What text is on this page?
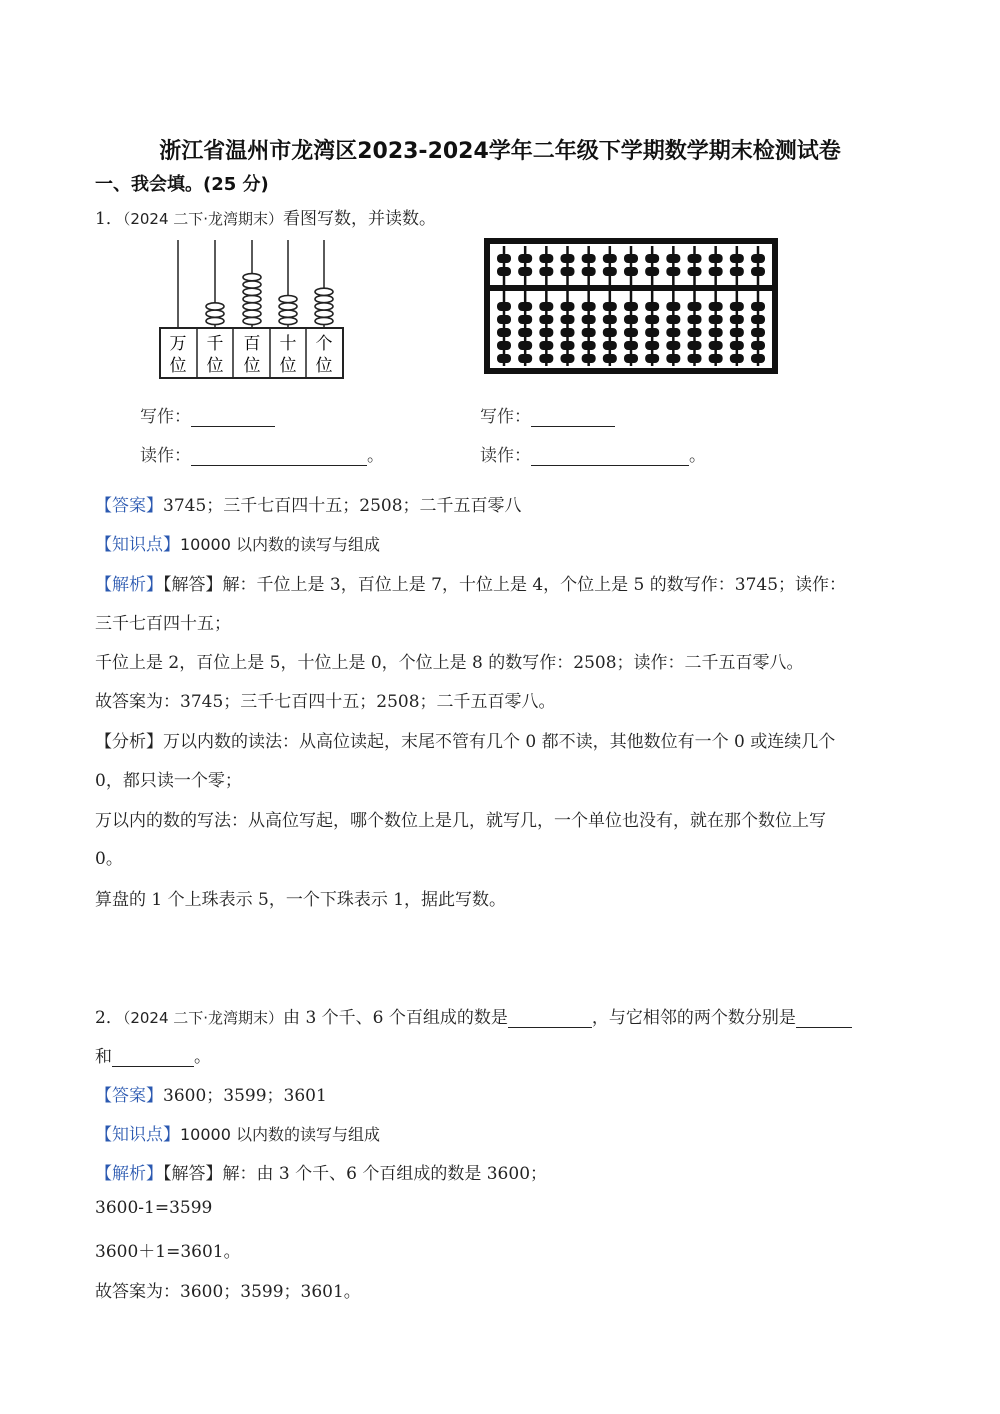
浙江省温州市龙湾区2023-2024学年二年级下学期数学期末检测试卷
一、我会填。(25 分)
1．（2024 二下·龙湾期末）看图写数，并读数。
万
位
千
位
百
位
十
位
个
位
写作：
读作：	。
写作：
读作：	。
【答案】3745；三千七百四十五；2508；二千五百零八
【知识点】10000 以内数的读写与组成
【解析】【解答】解：千位上是 3，百位上是 7，十位上是 4，个位上是 5 的数写作：3745；读作：
三千七百四十五；
千位上是 2，百位上是 5，十位上是 0，个位上是 8 的数写作：2508；读作：二千五百零八。
故答案为：3745；三千七百四十五；2508；二千五百零八。
【分析】万以内数的读法：从高位读起，末尾不管有几个 0 都不读，其他数位有一个 0 或连续几个
0，都只读一个零；
万以内的数的写法：从高位写起，哪个数位上是几，就写几，一个单位也没有，就在那个数位上写
0。
算盘的 1 个上珠表示 5，一个下珠表示 1，据此写数。
2．（2024 二下·龙湾期末）由 3 个千、6 个百组成的数是	，与它相邻的两个数分别是
和	。
【答案】3600；3599；3601
【知识点】10000 以内数的读写与组成
【解析】【解答】解：由 3 个千、6 个百组成的数是 3600；
3600-1=3599
3600＋1=3601。
故答案为：3600；3599；3601。
